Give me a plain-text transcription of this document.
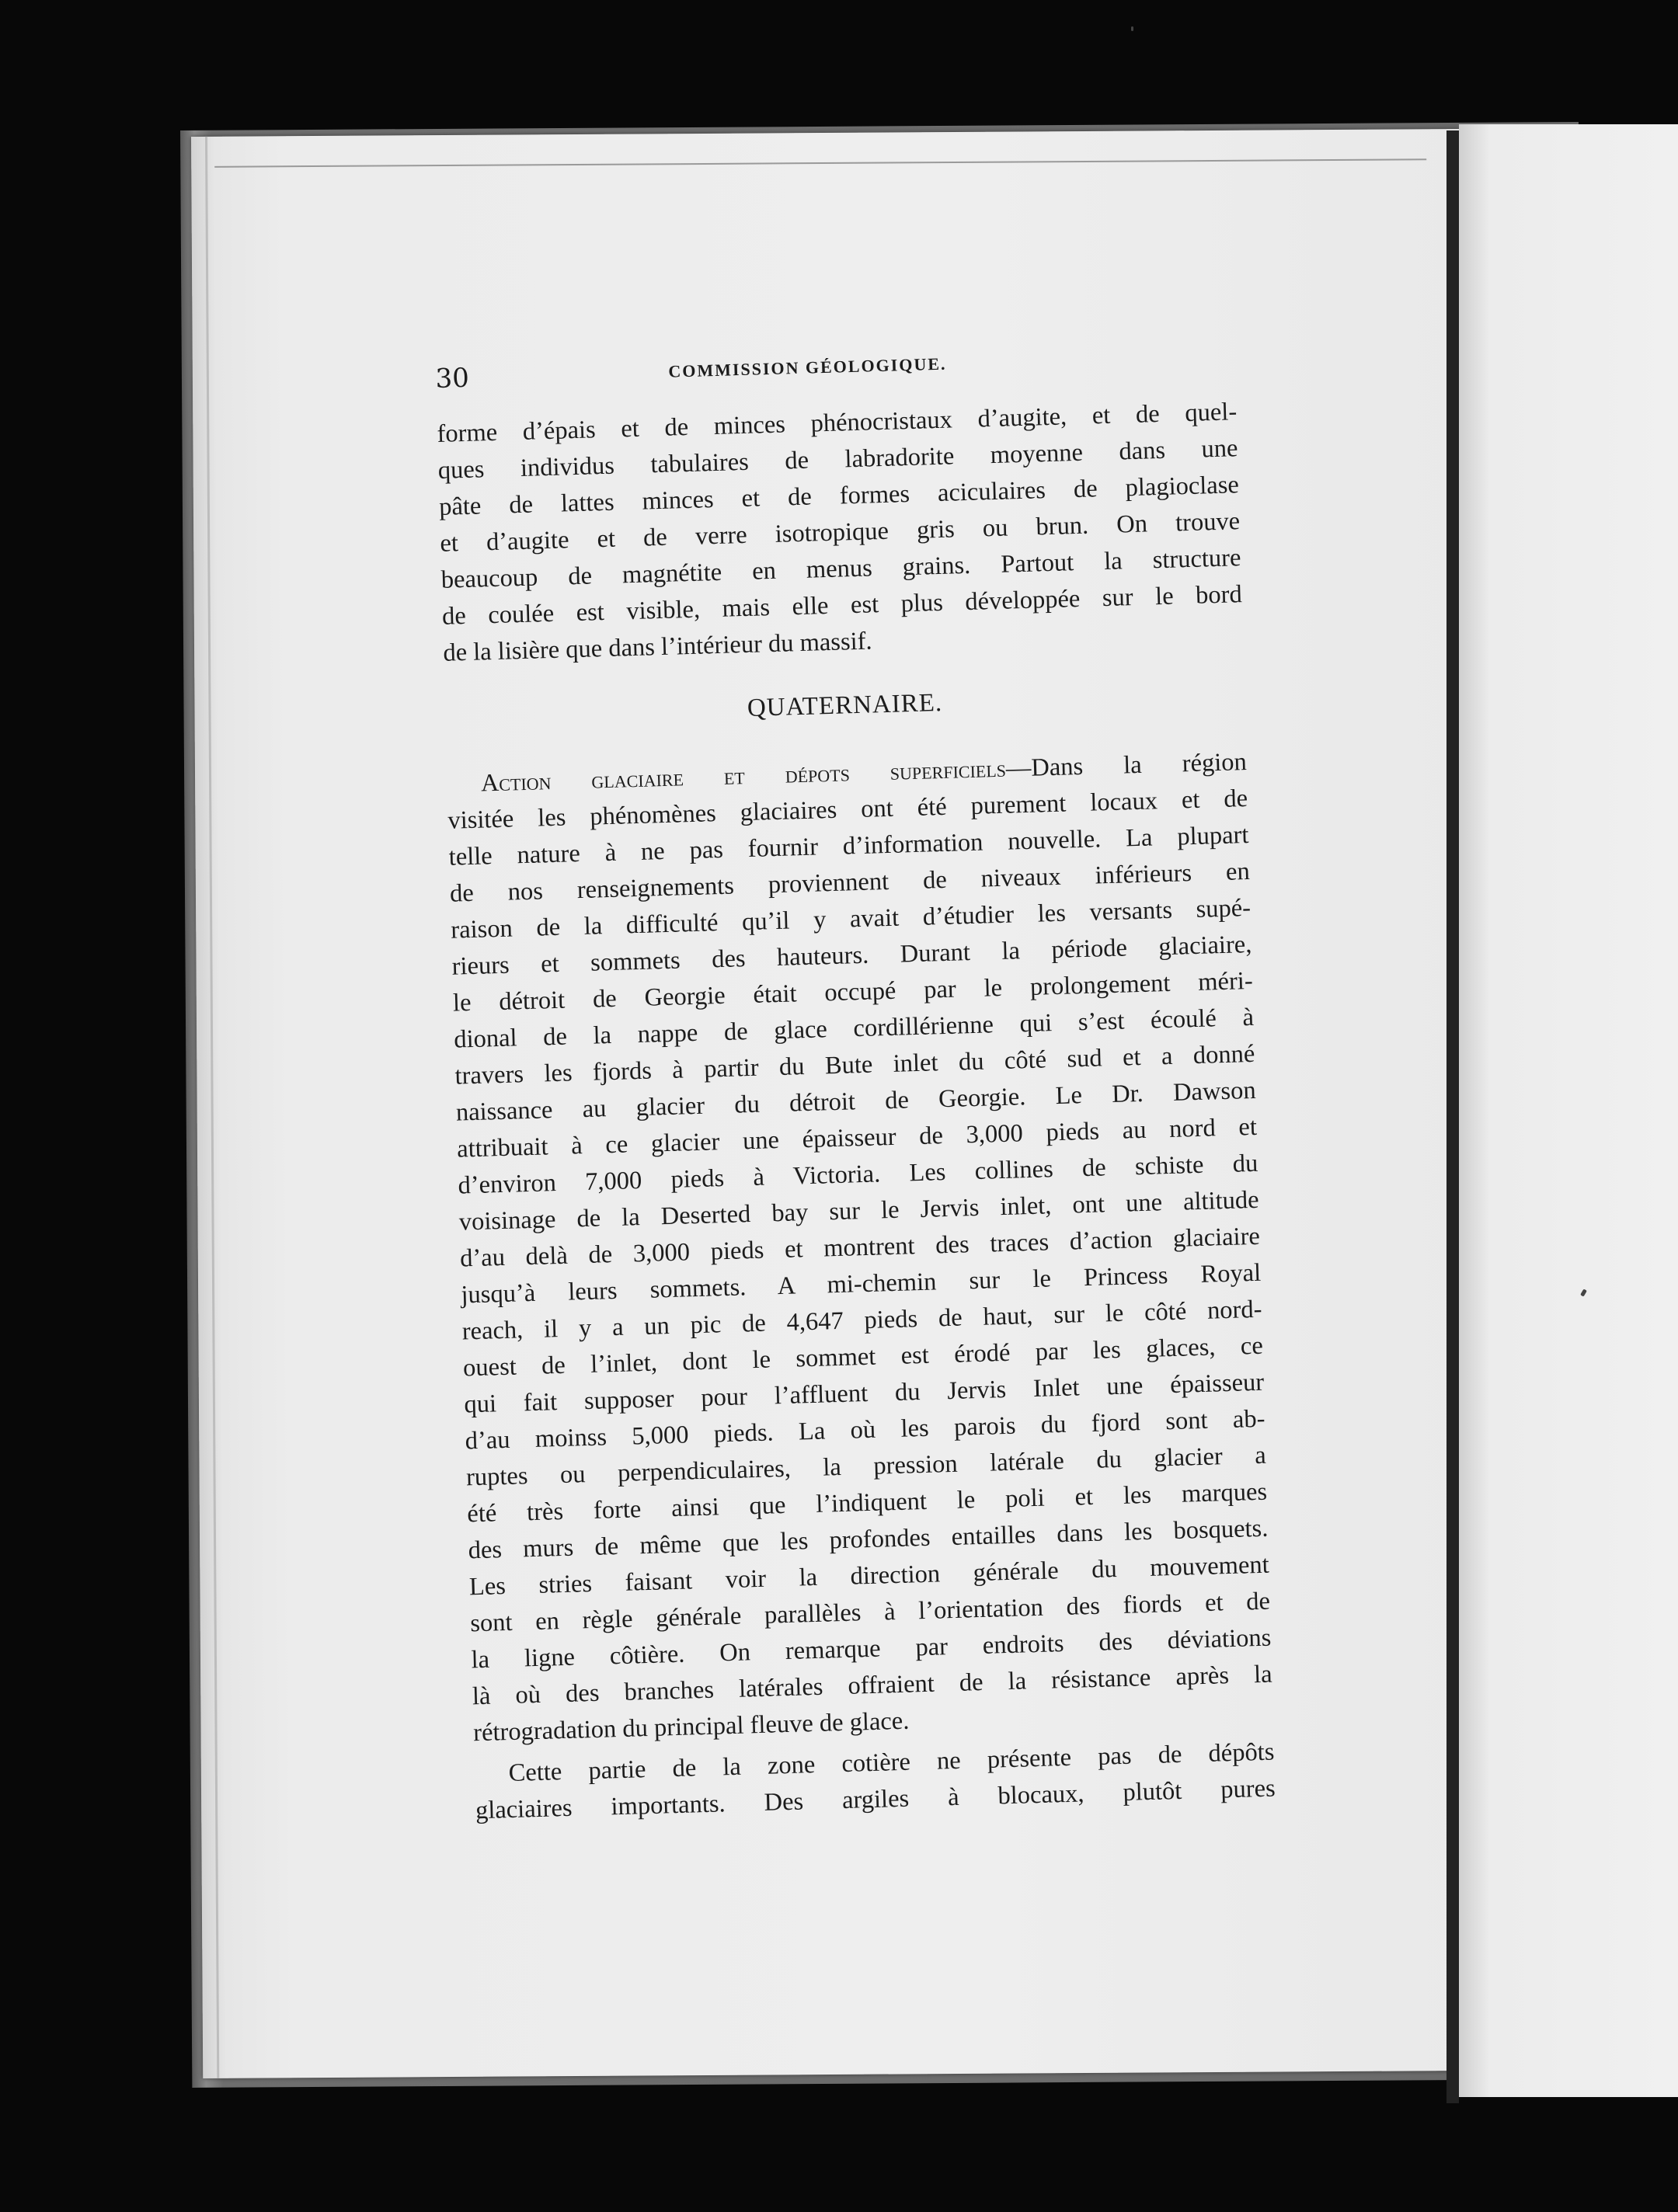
30	COMMISSION GÉOLOGIQUE.

forme d’épais et de minces phénocristaux d’augite, et de quel-
ques individus tabulaires de labradorite moyenne dans une
pâte de lattes minces et de formes aciculaires de plagioclase
et d’augite et de verre isotropique gris ou brun. On trouve
beaucoup de magnétite en menus grains. Partout la structure
de coulée est visible, mais elle est plus développée sur le bord
de la lisière que dans l’intérieur du massif.

QUATERNAIRE.

Action glaciaire et dépots superficiels—Dans la région
visitée les phénomènes glaciaires ont été purement locaux et de
telle nature à ne pas fournir d’information nouvelle. La plupart
de nos renseignements proviennent de niveaux inférieurs en
raison de la difficulté qu’il y avait d’étudier les versants supé-
rieurs et sommets des hauteurs. Durant la période glaciaire,
le détroit de Georgie était occupé par le prolongement méri-
dional de la nappe de glace cordillérienne qui s’est écoulé à
travers les fjords à partir du Bute inlet du côté sud et a donné
naissance au glacier du détroit de Georgie. Le Dr. Dawson
attribuait à ce glacier une épaisseur de 3,000 pieds au nord et
d’environ 7,000 pieds à Victoria. Les collines de schiste du
voisinage de la Deserted bay sur le Jervis inlet, ont une altitude
d’au delà de 3,000 pieds et montrent des traces d’action glaciaire
jusqu’à leurs sommets. A mi-chemin sur le Princess Royal
reach, il y a un pic de 4,647 pieds de haut, sur le côté nord-
ouest de l’inlet, dont le sommet est érodé par les glaces, ce
qui fait supposer pour l’affluent du Jervis Inlet une épaisseur
d’au moinss 5,000 pieds. La où les parois du fjord sont ab-
ruptes ou perpendiculaires, la pression latérale du glacier a
été très forte ainsi que l’indiquent le poli et les marques
des murs de même que les profondes entailles dans les bosquets.
Les stries faisant voir la direction générale du mouvement
sont en règle générale parallèles à l’orientation des fiords et de
la ligne côtière. On remarque par endroits des déviations
là où des branches latérales offraient de la résistance après la
rétrogradation du principal fleuve de glace.

Cette partie de la zone cotière ne présente pas de dépôts
glaciaires importants. Des argiles à blocaux, plutôt pures
